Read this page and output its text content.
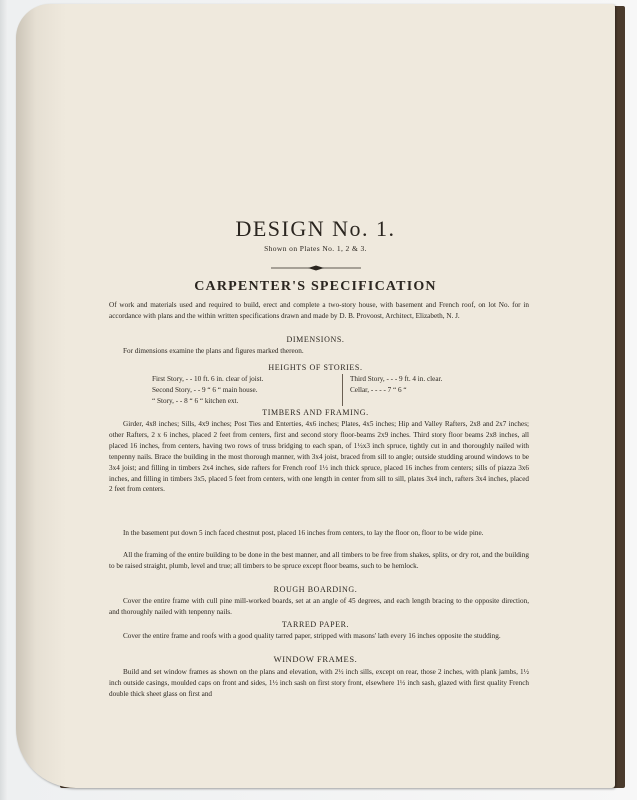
DESIGN No. 1.
Shown on Plates No. 1, 2 & 3.
CARPENTER'S SPECIFICATION

Of work and materials used and required to build, erect and complete a two-story house, with basement and French roof, on lot No. for in accordance with plans and the within written specifications drawn and made by D. B. Provoost, Architect, Elizabeth, N. J.

DIMENSIONS.

For dimensions examine the plans and figures marked thereon.

HEIGHTS OF STORIES.
First Story, - - 10 ft. 6 in. clear of joist.
Second Story, - - 9 “ 6 “ main house.
“ Story, - - 8 “ 6 “ kitchen ext.
Third Story, - - - 9 ft. 4 in. clear.
Cellar, - - - - 7 “ 6 “
TIMBERS AND FRAMING.

Girder, 4x8 inches; Sills, 4x9 inches; Post Ties and Enterties, 4x6 inches; Plates, 4x5 inches; Hip and Valley Rafters, 2x8 and 2x7 inches; other Rafters, 2 x 6 inches, placed 2 feet from centers, first and second story floor-beams 2x9 inches. Third story floor beams 2x8 inches, all placed 16 inches, from centers, having two rows of truss bridging to each span, of 1½x3 inch spruce, tightly cut in and thoroughly nailed with tenpenny nails. Brace the building in the most thorough manner, with 3x4 joist, braced from sill to angle; outside studding around windows to be 3x4 joist; and filling in timbers 2x4 inches, side rafters for French roof 1½ inch thick spruce, placed 16 inches from centers; sills of piazza 3x6 inches, and filling in timbers 3x5, placed 5 feet from centers, with one length in center from sill to sill, plates 3x4 inch, rafters 3x4 inches, placed 2 feet from centers.

In the basement put down 5 inch faced chestnut post, placed 16 inches from centers, to lay the floor on, floor to be wide pine.

All the framing of the entire building to be done in the best manner, and all timbers to be free from shakes, splits, or dry rot, and the building to be raised straight, plumb, level and true; all timbers to be spruce except floor beams, such to be hemlock.

ROUGH BOARDING.

Cover the entire frame with cull pine mill-worked boards, set at an angle of 45 degrees, and each length bracing to the opposite direction, and thoroughly nailed with tenpenny nails.

TARRED PAPER.

Cover the entire frame and roofs with a good quality tarred paper, stripped with masons' lath every 16 inches opposite the studding.

WINDOW FRAMES.

Build and set window frames as shown on the plans and elevation, with 2½ inch sills, except on rear, those 2 inches, with plank jambs, 1½ inch outside casings, moulded caps on front and sides, 1½ inch sash on first story front, elsewhere 1½ inch sash, glazed with first quality French double thick sheet glass on first and
